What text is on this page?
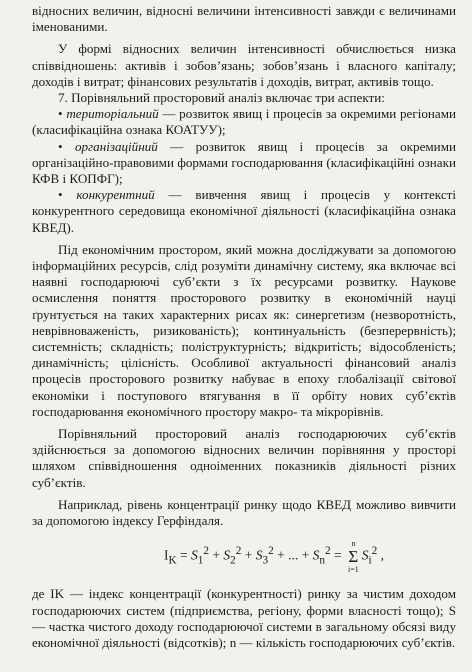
відносних величин, відносні величини інтенсивності завжди є величинами іменованими.

У формі відносних величин інтенсивності обчислюється низка співвідношень: активів і зобов’язань; зобов’язань і власного капіталу; доходів і витрат; фінансових результатів і доходів, витрат, активів тощо.

7. Порівняльний просторовий аналіз включає три аспекти:

• територіальний — розвиток явищ і процесів за окремими регіонами (класифікаційна ознака КОАТУУ);

• організаційний — розвиток явищ і процесів за окремими організаційно-правовими формами господарювання (класифікаційні ознаки КФВ і КОПФГ);

• конкурентний — вивчення явищ і процесів у контексті конкурентного середовища економічної діяльності (класифікаційна ознака КВЕД).

Під економічним простором, який можна досліджувати за допомогою інформаційних ресурсів, слід розуміти динамічну систему, яка включає всі наявні господарюючі суб’єкти з їх ресурсами розвитку. Наукове осмислення поняття просторового розвитку в економічній науці ґрунтується на таких характерних рисах як: синергетизм (незворотність, неврівноваженість, ризикованість); континуальність (безперервність); системність; складність; поліструктурність; відкритість; відособленість; динамічність; цілісність. Особливої актуальності фінансовий аналіз процесів просторового розвитку набуває в епоху глобалізації світової економіки і поступового втягування в її орбіту нових суб’єктів господарювання економічного простору макро- та мікрорівнів.

Порівняльний просторовий аналіз господарюючих суб’єктів здійснюється за допомогою відносних величин порівняння у просторі шляхом співвідношення одноіменних показників діяльності різних суб’єктів.

Наприклад, рівень концентрації ринку щодо КВЕД можливо вивчити за допомогою індексу Герфіндаля.

$I_K = S_1^2 + S_2^2 + S_3^2$ + ... + $S_n^2$ =
n
Σ
i=1
$S_i^2$ ,

де IK — індекс концентрації (конкурентності) ринку за чистим доходом господарюючих систем (підприємства, регіону, форми власності тощо); S — частка чистого доходу господарюючої системи в загальному обсязі виду економічної діяльності (відсотків); n — кількість господарюючих суб’єктів.
